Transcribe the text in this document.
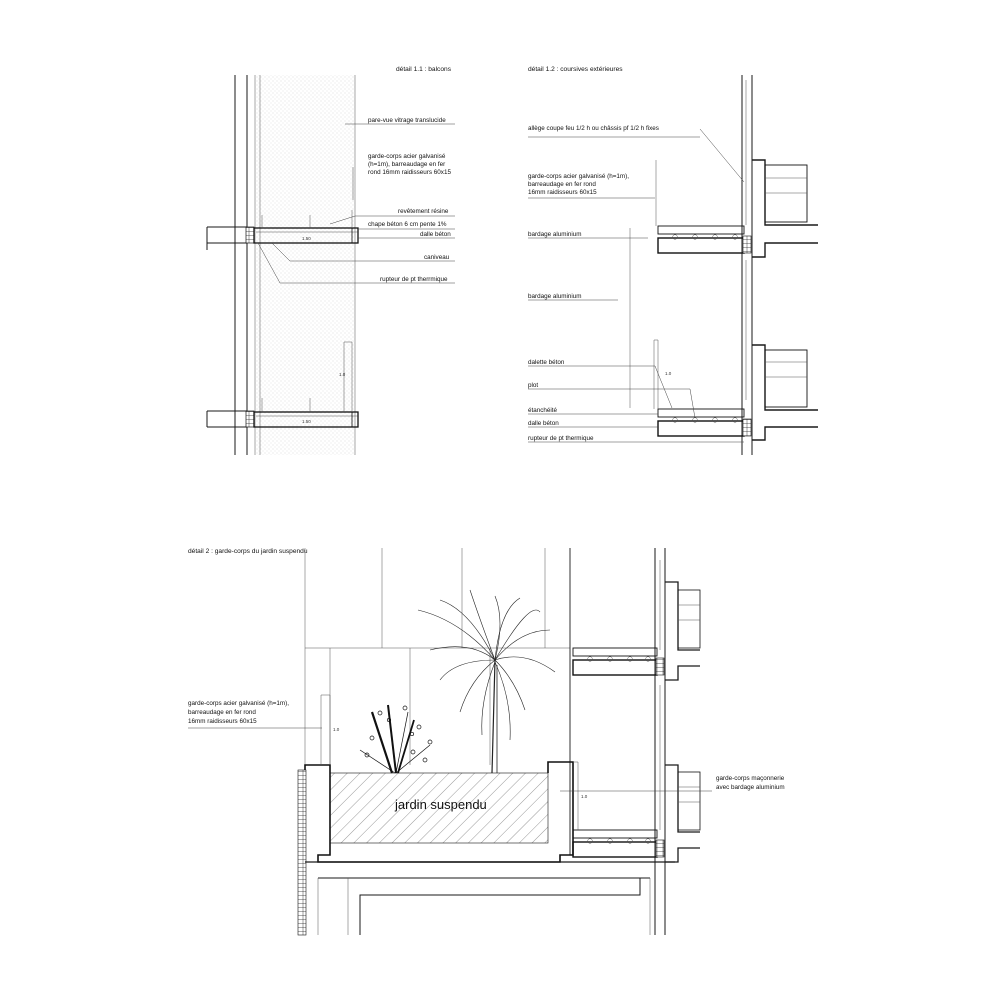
détail 1.1 : balcons
1.50
1.50
1.0
pare-vue vitrage translucide
garde-corps acier galvanisé
(h=1m), barreaudage en fer
rond 16mm raidisseurs 60x15
revêtement résine
chape béton 6 cm pente 1%
dalle béton
caniveau
rupteur de pt therrmique
détail 1.2 : coursives extérieures
1.0
allège coupe feu 1/2 h ou châssis pf 1/2 h fixes
garde-corps acier galvanisé (h=1m),
barreaudage en fer rond
16mm raidisseurs 60x15
bardage aluminium
bardage aluminium
dalette béton
plot
étanchéité
dalle béton
rupteur de pt thermique
détail 2 : garde-corps du jardin suspendu
jardin suspendu
1.0
1.0
garde-corps acier galvanisé (h=1m),
barreaudage en fer rond
16mm raidisseurs 60x15
garde-corps maçonnerie
avec bardage aluminium
